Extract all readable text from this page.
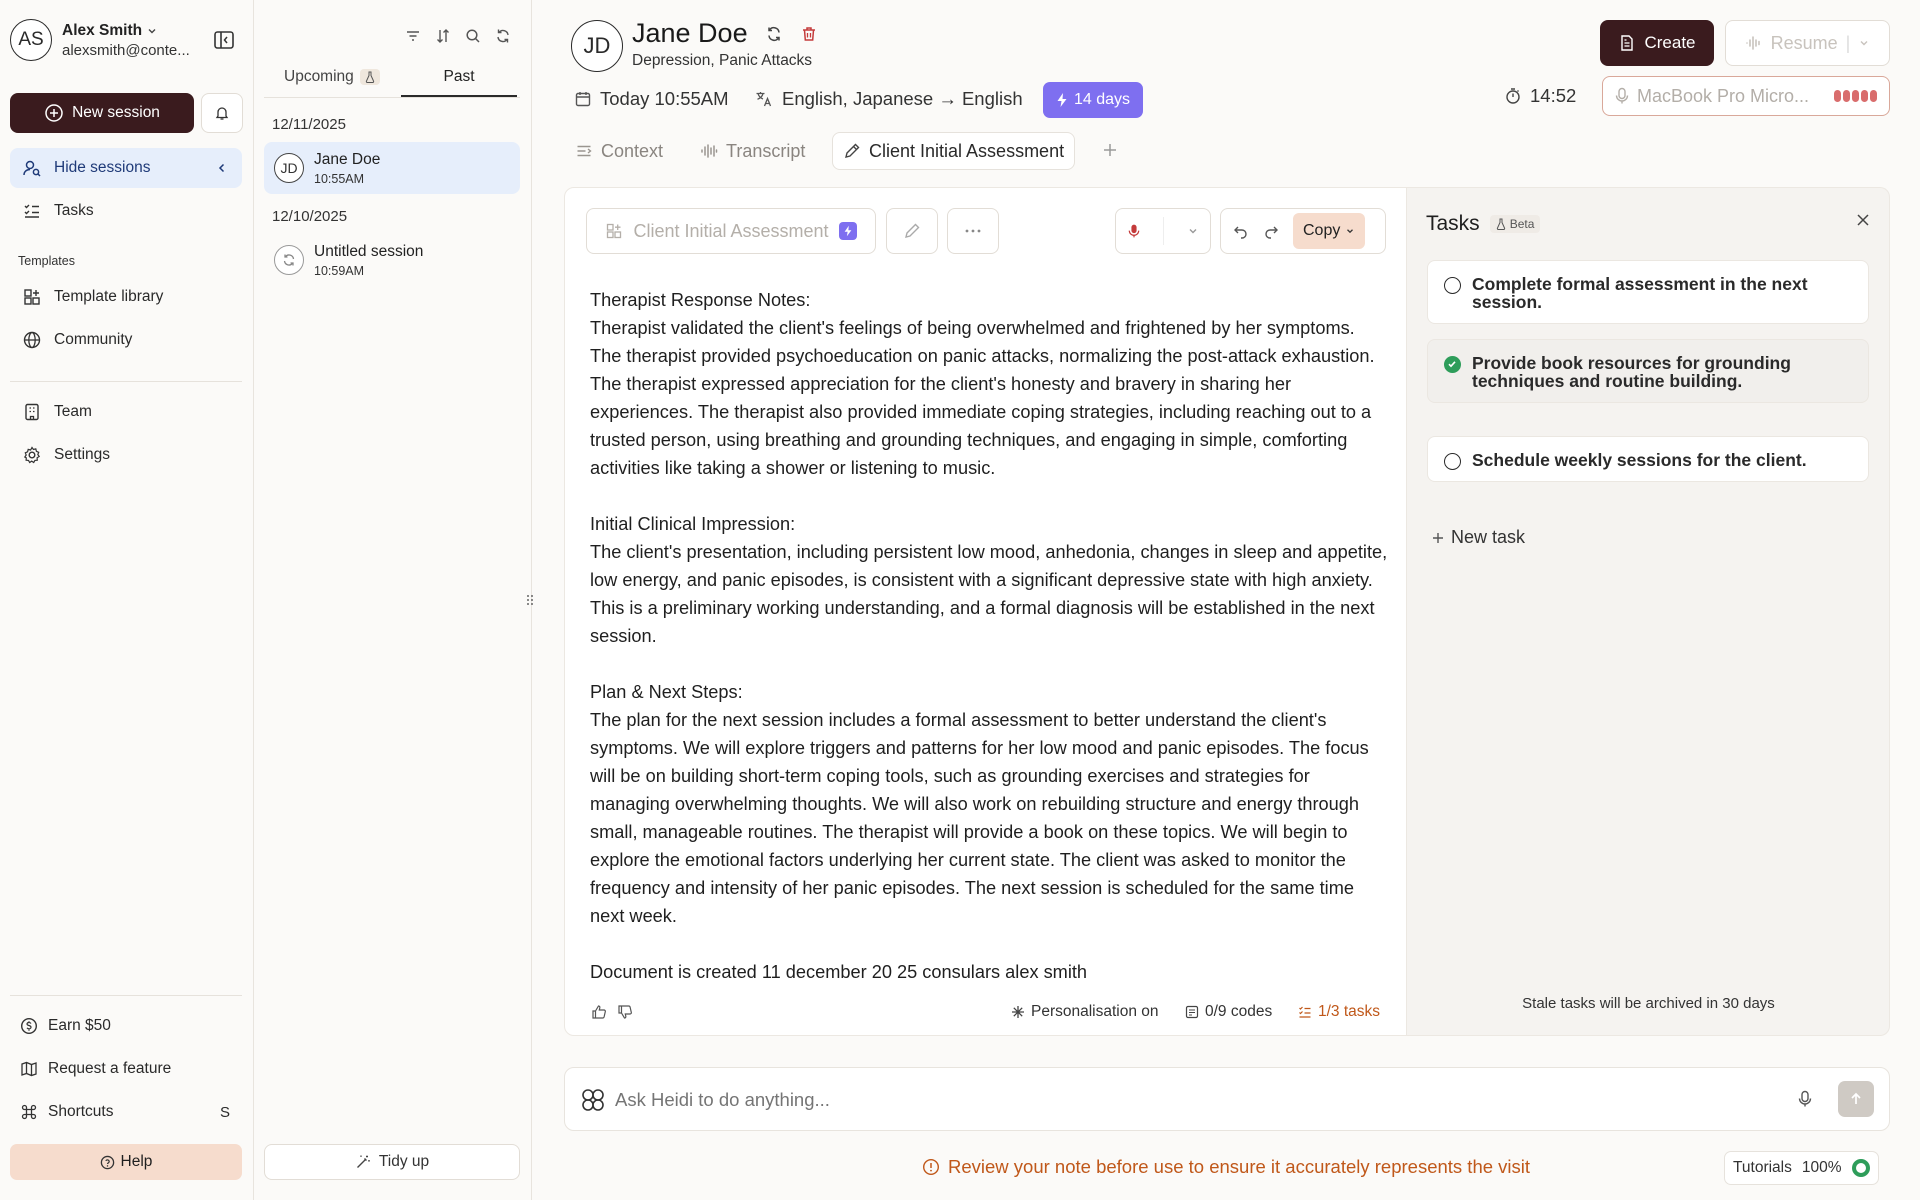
AS	Alex Smith
alexsmith@conte...
New session
Hide sessions
Tasks
Templates
Template library
Community
Team
Settings
Earn $50
Request a feature
Shortcuts	S
Help
Upcoming	Past
12/11/2025
JD
Jane Doe
10:55AM
12/10/2025
Untitled session
10:59AM
Tidy up
JD Jane Doe
Depression, Panic Attacks
Today 10:55AM	English, Japanese → English	14 days
Create	Resume |
14:52	MacBook Pro Micro...
Context	Transcript	Client Initial Assessment
Client Initial Assessment	Copy

Therapist Response Notes:

Therapist validated the client's feelings of being overwhelmed and frightened by her symptoms. The therapist provided psychoeducation on panic attacks, normalizing the post-attack exhaustion. The therapist expressed appreciation for the client's honesty and bravery in sharing her experiences. The therapist also provided immediate coping strategies, including reaching out to a trusted person, using breathing and grounding techniques, and engaging in simple, comforting activities like taking a shower or listening to music.

Initial Clinical Impression:

The client's presentation, including persistent low mood, anhedonia, changes in sleep and appetite, low energy, and panic episodes, is consistent with a significant depressive state with high anxiety. This is a preliminary working understanding, and a formal diagnosis will be established in the next session.

Plan & Next Steps:

The plan for the next session includes a formal assessment to better understand the client's symptoms. We will explore triggers and patterns for her low mood and panic episodes. The focus will be on building short-term coping tools, such as grounding exercises and strategies for managing overwhelming thoughts. We will also work on rebuilding structure and energy through small, manageable routines. The therapist will provide a book on these topics. We will begin to explore the emotional factors underlying her current state. The client was asked to monitor the frequency and intensity of her panic episodes. The next session is scheduled for the same time next week.

Document is created 11 december 20 25 consulars alex smith

Personalisation on	0/9 codes	1/3 tasks
Tasks	Beta
Complete formal assessment in the next session.
Provide book resources for grounding techniques and routine building.
Schedule weekly sessions for the client.
New task
Stale tasks will be archived in 30 days
Ask Heidi to do anything...
Review your note before use to ensure it accurately represents the visit	Tutorials 100%
